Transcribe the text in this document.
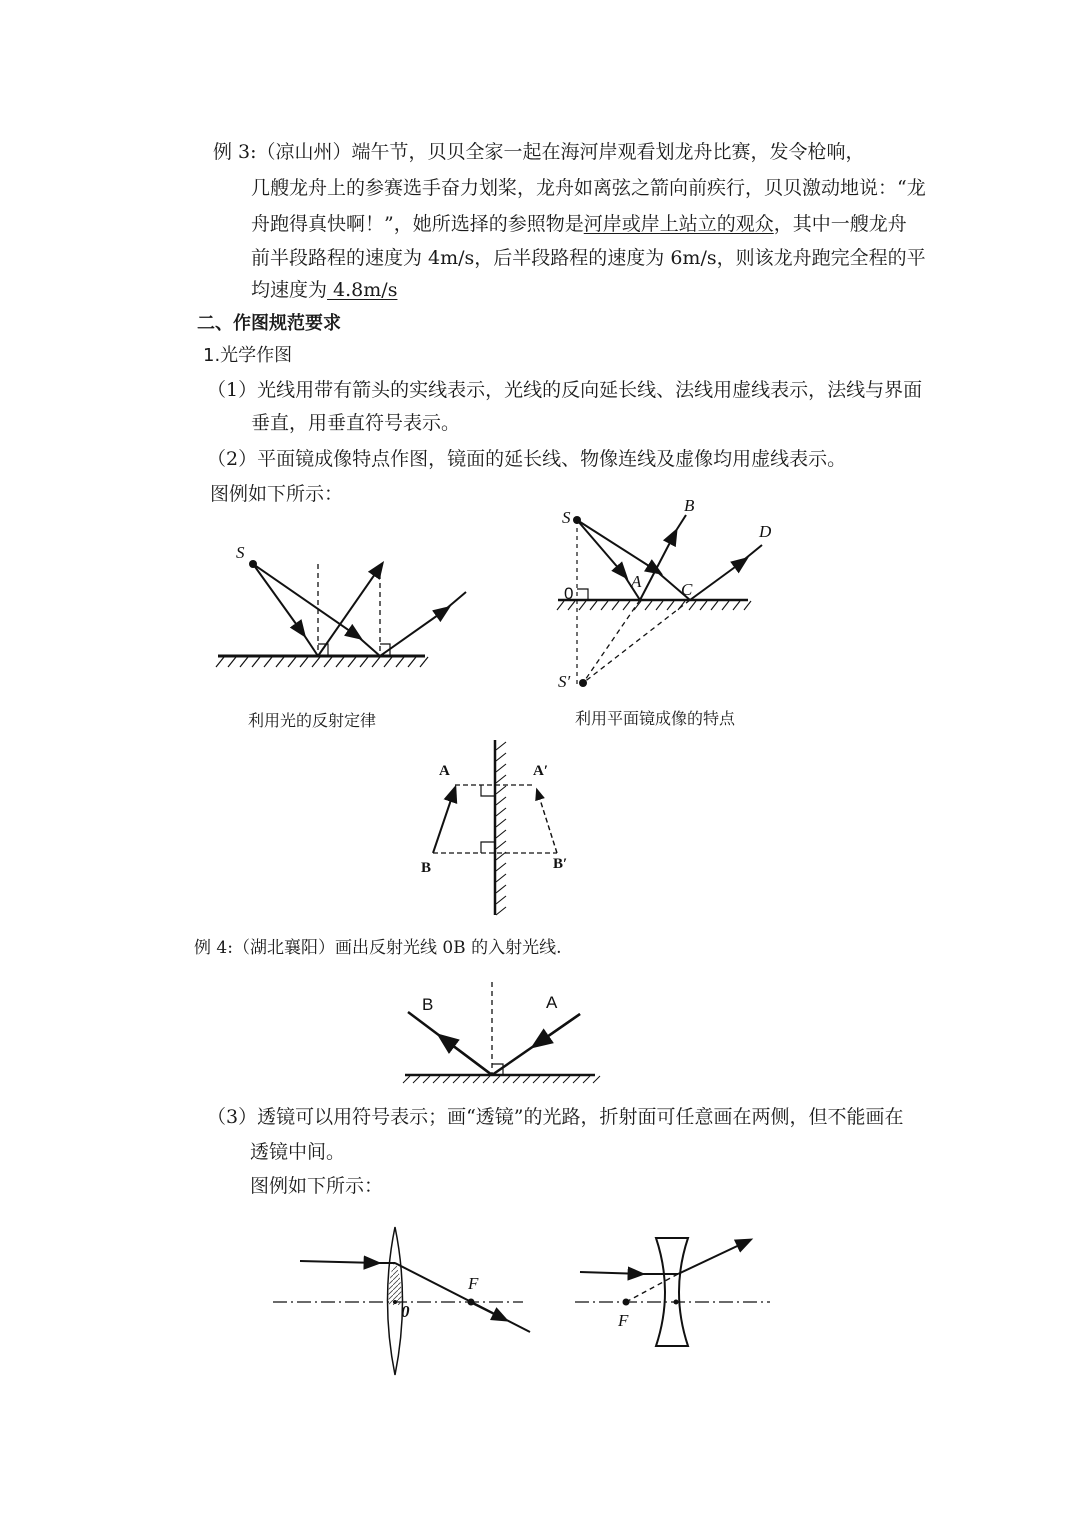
例 3:（凉山州）端午节，贝贝全家一起在海河岸观看划龙舟比赛，发令枪响，
几艘龙舟上的参赛选手奋力划桨，龙舟如离弦之箭向前疾行，贝贝激动地说：“龙
舟跑得真快啊！”，她所选择的参照物是河岸或岸上站立的观众，其中一艘龙舟
前半段路程的速度为 4m/s，后半段路程的速度为 6m/s，则该龙舟跑完全程的平
均速度为 4.8m/s
二、作图规范要求
1.光学作图
（1）光线用带有箭头的实线表示，光线的反向延长线、法线用虚线表示，法线与界面
垂直，用垂直符号表示。
（2）平面镜成像特点作图，镜面的延长线、物像连线及虚像均用虚线表示。
图例如下所示：
S
利用光的反射定律
S
B
D
A C
0
S′
利用平面镜成像的特点
A	A′
B	B′
例 4:（湖北襄阳）画出反射光线 0B 的入射光线.
B	A
（3）透镜可以用符号表示；画“透镜”的光路，折射面可任意画在两侧，但不能画在
透镜中间。
图例如下所示：
F
0	F
